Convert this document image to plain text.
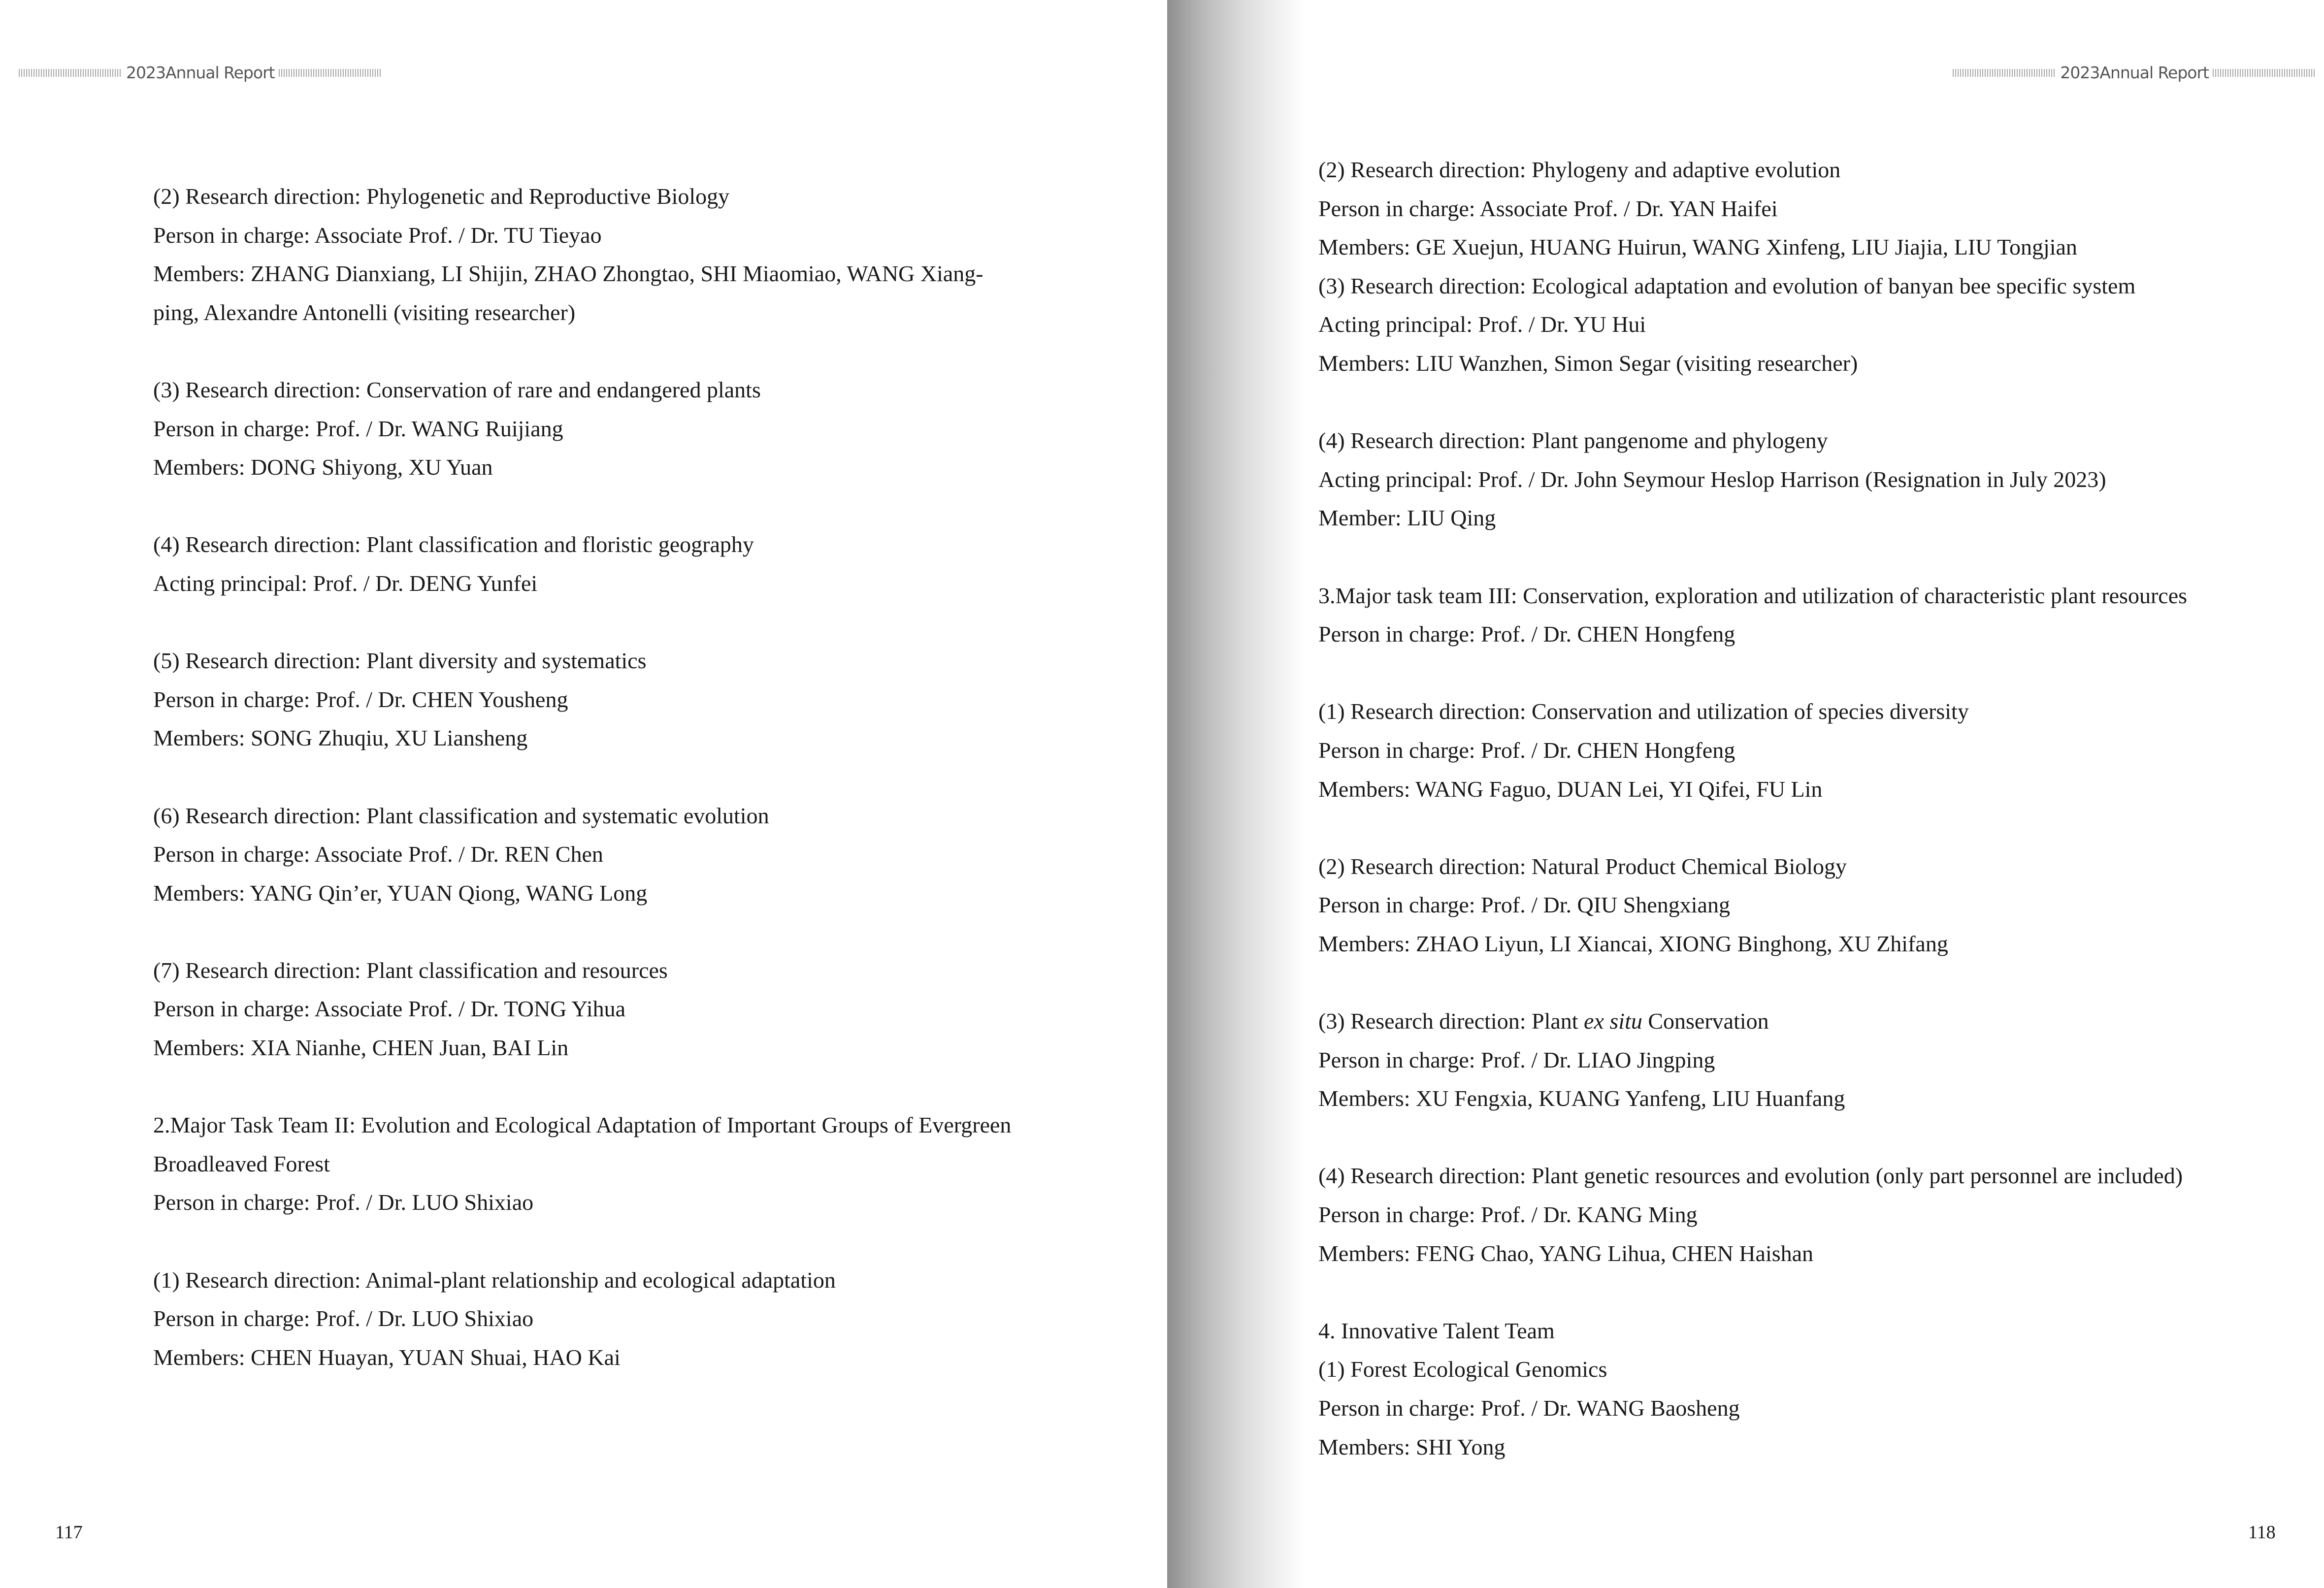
2023Annual Report
(2) Research direction: Phylogenetic and Reproductive Biology
Person in charge: Associate Prof. / Dr. TU Tieyao
Members: ZHANG Dianxiang, LI Shijin, ZHAO Zhongtao, SHI Miaomiao, WANG Xiang-
ping, Alexandre Antonelli (visiting researcher)
(3) Research direction: Conservation of rare and endangered plants
Person in charge: Prof. / Dr. WANG Ruijiang
Members: DONG Shiyong, XU Yuan
(4) Research direction: Plant classification and floristic geography
Acting principal: Prof. / Dr. DENG Yunfei
(5) Research direction: Plant diversity and systematics
Person in charge: Prof. / Dr. CHEN Yousheng
Members: SONG Zhuqiu, XU Liansheng
(6) Research direction: Plant classification and systematic evolution
Person in charge: Associate Prof. / Dr. REN Chen
Members: YANG Qin’er, YUAN Qiong, WANG Long
(7) Research direction: Plant classification and resources
Person in charge: Associate Prof. / Dr. TONG Yihua
Members: XIA Nianhe, CHEN Juan, BAI Lin
2.Major Task Team II: Evolution and Ecological Adaptation of Important Groups of Evergreen
Broadleaved Forest
Person in charge: Prof. / Dr. LUO Shixiao
(1) Research direction: Animal-plant relationship and ecological adaptation
Person in charge: Prof. / Dr. LUO Shixiao
Members: CHEN Huayan, YUAN Shuai, HAO Kai
117
2023Annual Report
(2) Research direction: Phylogeny and adaptive evolution
Person in charge: Associate Prof. / Dr. YAN Haifei
Members: GE Xuejun, HUANG Huirun, WANG Xinfeng, LIU Jiajia, LIU Tongjian
(3) Research direction: Ecological adaptation and evolution of banyan bee specific system
Acting principal: Prof. / Dr. YU Hui
Members: LIU Wanzhen, Simon Segar (visiting researcher)
(4) Research direction: Plant pangenome and phylogeny
Acting principal: Prof. / Dr. John Seymour Heslop Harrison (Resignation in July 2023)
Member: LIU Qing
3.Major task team III: Conservation, exploration and utilization of characteristic plant resources
Person in charge: Prof. / Dr. CHEN Hongfeng
(1) Research direction: Conservation and utilization of species diversity
Person in charge: Prof. / Dr. CHEN Hongfeng
Members: WANG Faguo, DUAN Lei, YI Qifei, FU Lin
(2) Research direction: Natural Product Chemical Biology
Person in charge: Prof. / Dr. QIU Shengxiang
Members: ZHAO Liyun, LI Xiancai, XIONG Binghong, XU Zhifang
(3) Research direction: Plant ex situ Conservation
Person in charge: Prof. / Dr. LIAO Jingping
Members: XU Fengxia, KUANG Yanfeng, LIU Huanfang
(4) Research direction: Plant genetic resources and evolution (only part personnel are included)
Person in charge: Prof. / Dr. KANG Ming
Members: FENG Chao, YANG Lihua, CHEN Haishan
4. Innovative Talent Team
(1) Forest Ecological Genomics
Person in charge: Prof. / Dr. WANG Baosheng
Members: SHI Yong
118
